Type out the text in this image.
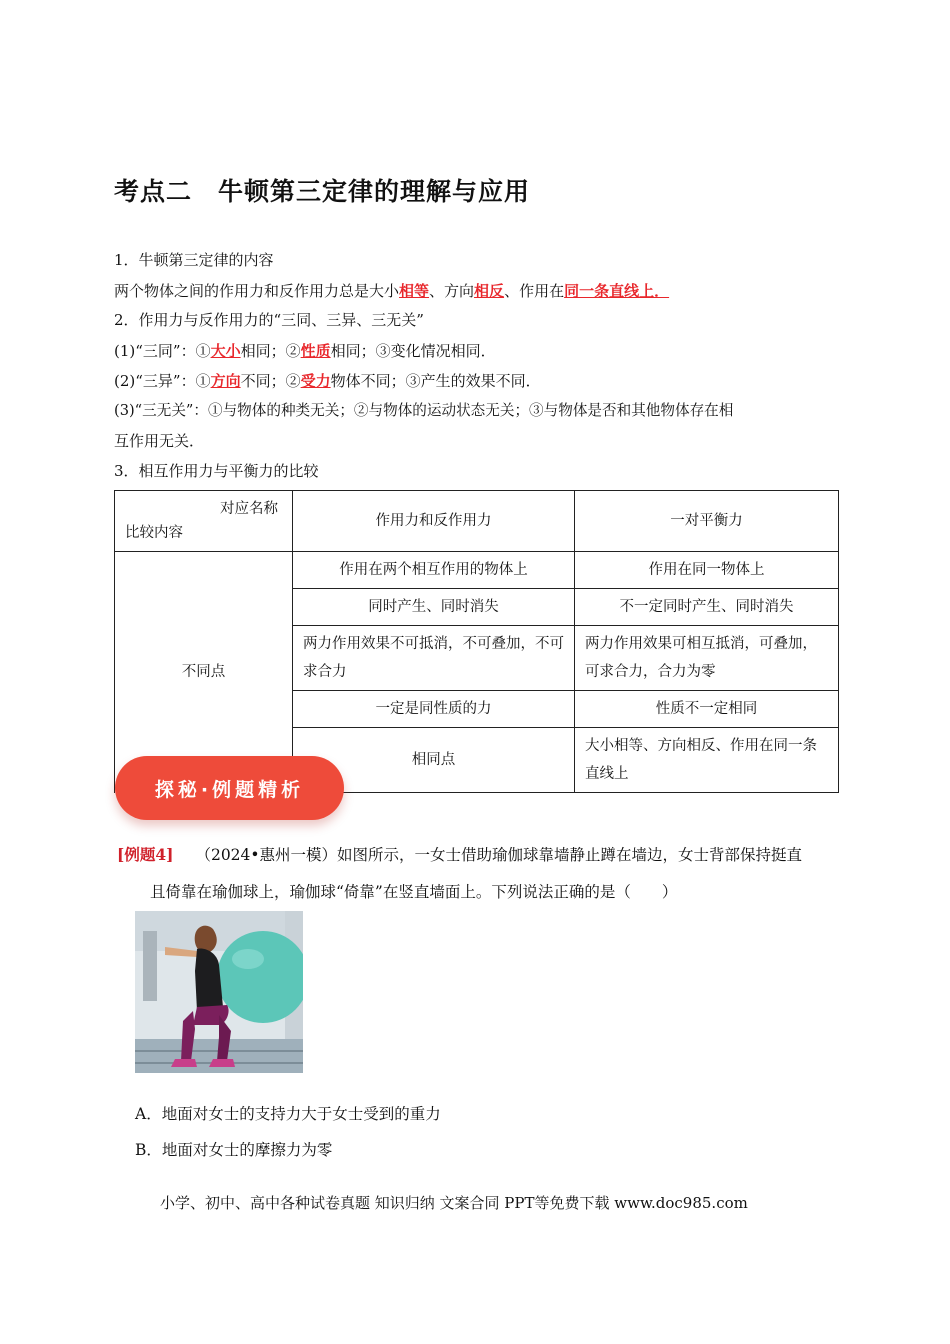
考点二　牛顿第三定律的理解与应用
1．牛顿第三定律的内容
两个物体之间的作用力和反作用力总是大小相等、方向相反、作用在同一条直线上．
2．作用力与反作用力的“三同、三异、三无关”
(1)“三同”：①大小相同；②性质相同；③变化情况相同．
(2)“三异”：①方向不同；②受力物体不同；③产生的效果不同．
(3)“三无关”：①与物体的种类无关；②与物体的运动状态无关；③与物体是否和其他物体存在相
互作用无关．
3．相互作用力与平衡力的比较
对应名称
比较内容	作用力和反作用力	一对平衡力
不同点	作用在两个相互作用的物体上	作用在同一物体上
	同时产生、同时消失	不一定同时产生、同时消失
	两力作用效果不可抵消，不可叠加，不可求合力	两力作用效果可相互抵消，可叠加，可求合力，合力为零
	一定是同性质的力	性质不一定相同
	相同点	大小相等、方向相反、作用在同一条直线上
探秘·例题精析
[例题4] （2024•惠州一模）如图所示，一女士借助瑜伽球靠墙静止蹲在墙边，女士背部保持挺直
且倚靠在瑜伽球上，瑜伽球“倚靠”在竖直墙面上。下列说法正确的是（　　）
A．地面对女士的支持力大于女士受到的重力
B．地面对女士的摩擦力为零
小学、初中、高中各种试卷真题 知识归纳 文案合同 PPT等免费下载 www.doc985.com
